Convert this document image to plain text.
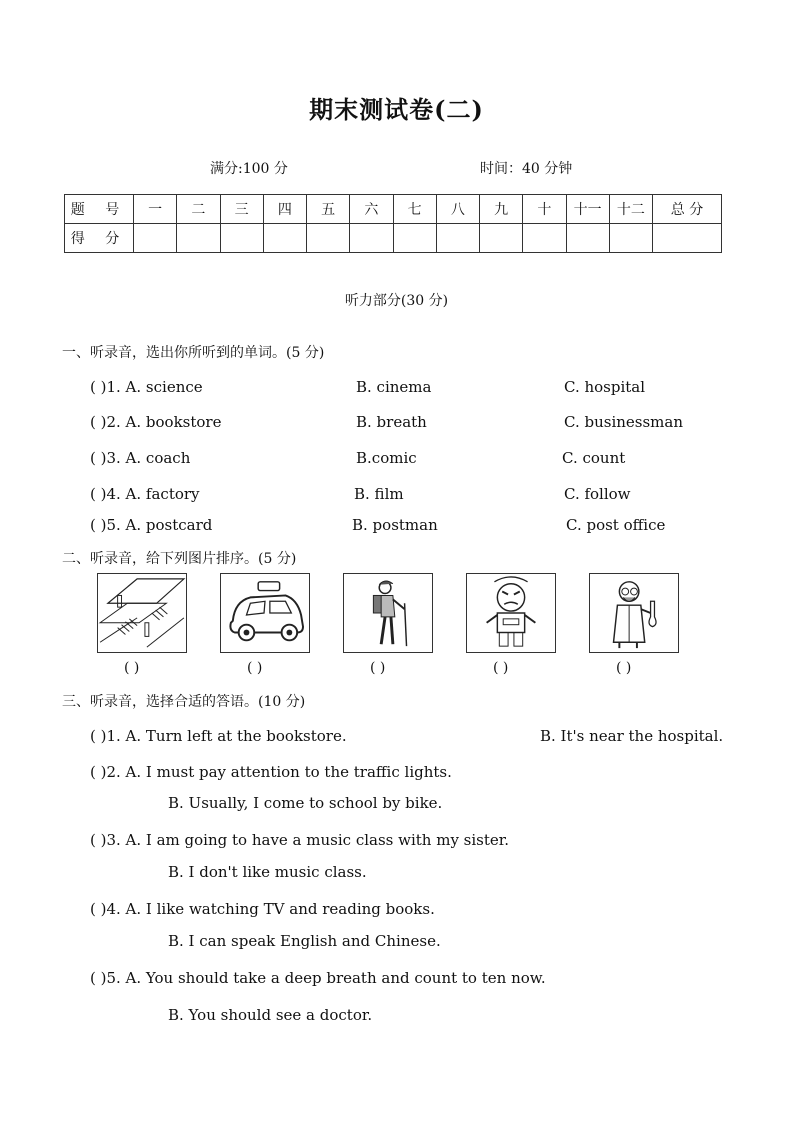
期末测试卷(二)
满分:100 分	时间：40 分钟
题 号	一	二	三	四	五	六	七	八	九	十	十一	十二	总 分
得 分													
听力部分(30 分)
一、听录音，选出你所听到的单词。(5 分)
( )1. A. science	B. cinema	C. hospital
( )2. A. bookstore	B. breath	C. businessman
( )3. A. coach	B.comic	C. count
( )4. A. factory	B. film	C. follow
( )5. A. postcard	B. postman	C. post office
二、听录音，给下列图片排序。(5 分)
( )	( )	( )	( )	( )
三、听录音，选择合适的答语。(10 分)
( )1. A. Turn left at the bookstore.	B. It's near the hospital.
( )2. A. I must pay attention to the traffic lights.
B. Usually, I come to school by bike.
( )3. A. I am going to have a music class with my sister.
B. I don't like music class.
( )4. A. I like watching TV and reading books.
B. I can speak English and Chinese.
( )5. A. You should take a deep breath and count to ten now.
B. You should see a doctor.
